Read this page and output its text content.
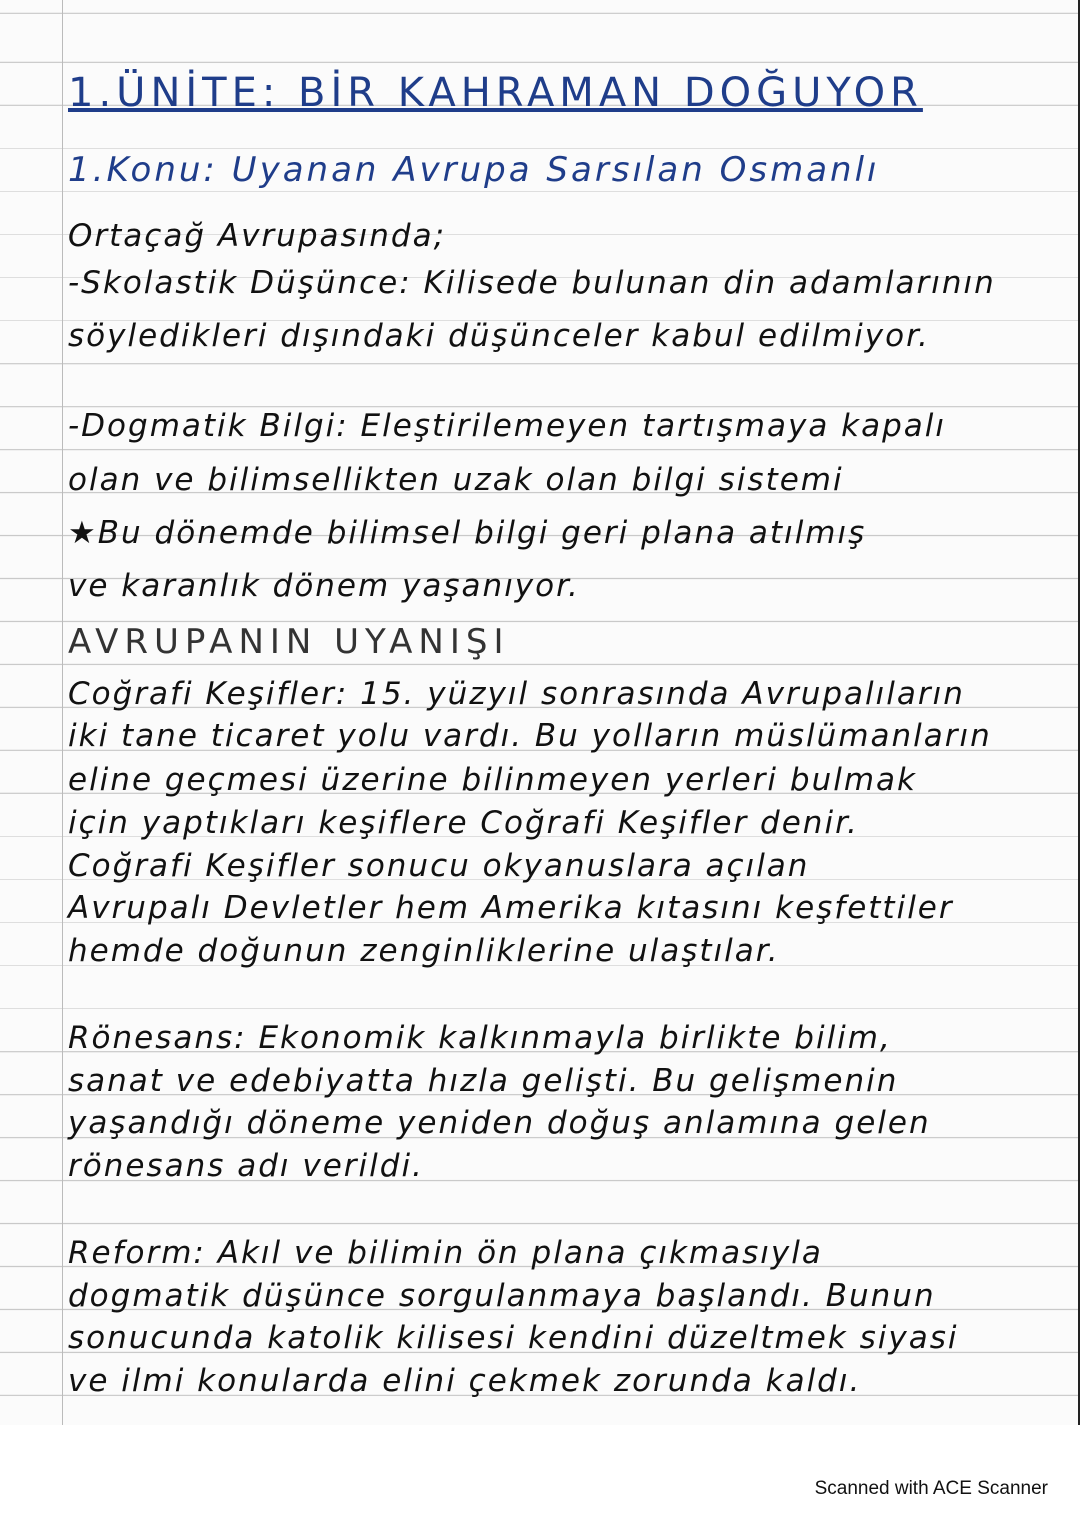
1.ÜNİTE: BİR KAHRAMAN DOĞUYOR
1.Konu: Uyanan Avrupa Sarsılan Osmanlı
Ortaçağ Avrupasında;
-Skolastik Düşünce: Kilisede bulunan din adamlarının
söyledikleri dışındaki düşünceler kabul edilmiyor.
-Dogmatik Bilgi: Eleştirilemeyen tartışmaya kapalı
olan ve bilimsellikten uzak olan bilgi sistemi
★Bu dönemde bilimsel bilgi geri plana atılmış
ve karanlık dönem yaşanıyor.
AVRUPANIN UYANIŞI
Coğrafi Keşifler: 15. yüzyıl sonrasında Avrupalıların
iki tane ticaret yolu vardı. Bu yolların müslümanların
eline geçmesi üzerine bilinmeyen yerleri bulmak
için yaptıkları keşiflere Coğrafi Keşifler denir.
Coğrafi Keşifler sonucu okyanuslara açılan
Avrupalı Devletler hem Amerika kıtasını keşfettiler
hemde doğunun zenginliklerine ulaştılar.
Rönesans: Ekonomik kalkınmayla birlikte bilim,
sanat ve edebiyatta hızla gelişti. Bu gelişmenin
yaşandığı döneme yeniden doğuş anlamına gelen
rönesans adı verildi.
Reform: Akıl ve bilimin ön plana çıkmasıyla
dogmatik düşünce sorgulanmaya başlandı. Bunun
sonucunda katolik kilisesi kendini düzeltmek siyasi
ve ilmi konularda elini çekmek zorunda kaldı.
Scanned with ACE Scanner
